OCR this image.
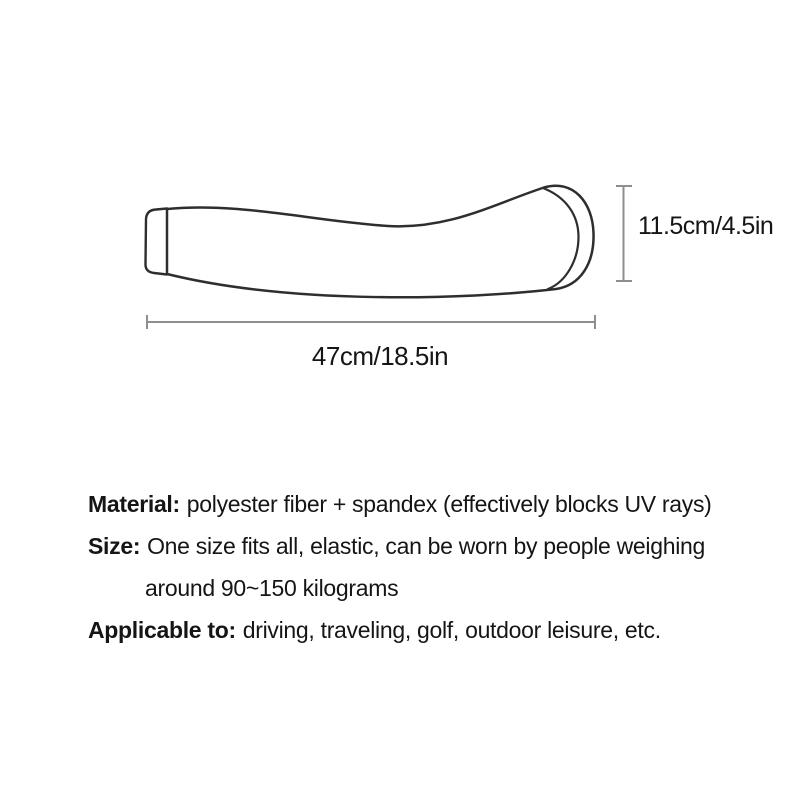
11.5cm/4.5in
47cm/18.5in

Material: polyester fiber + spandex (effectively blocks UV rays)

Size: One size fits all, elastic, can be worn by people weighing

around 90~150 kilograms

Applicable to: driving, traveling, golf, outdoor leisure, etc.
